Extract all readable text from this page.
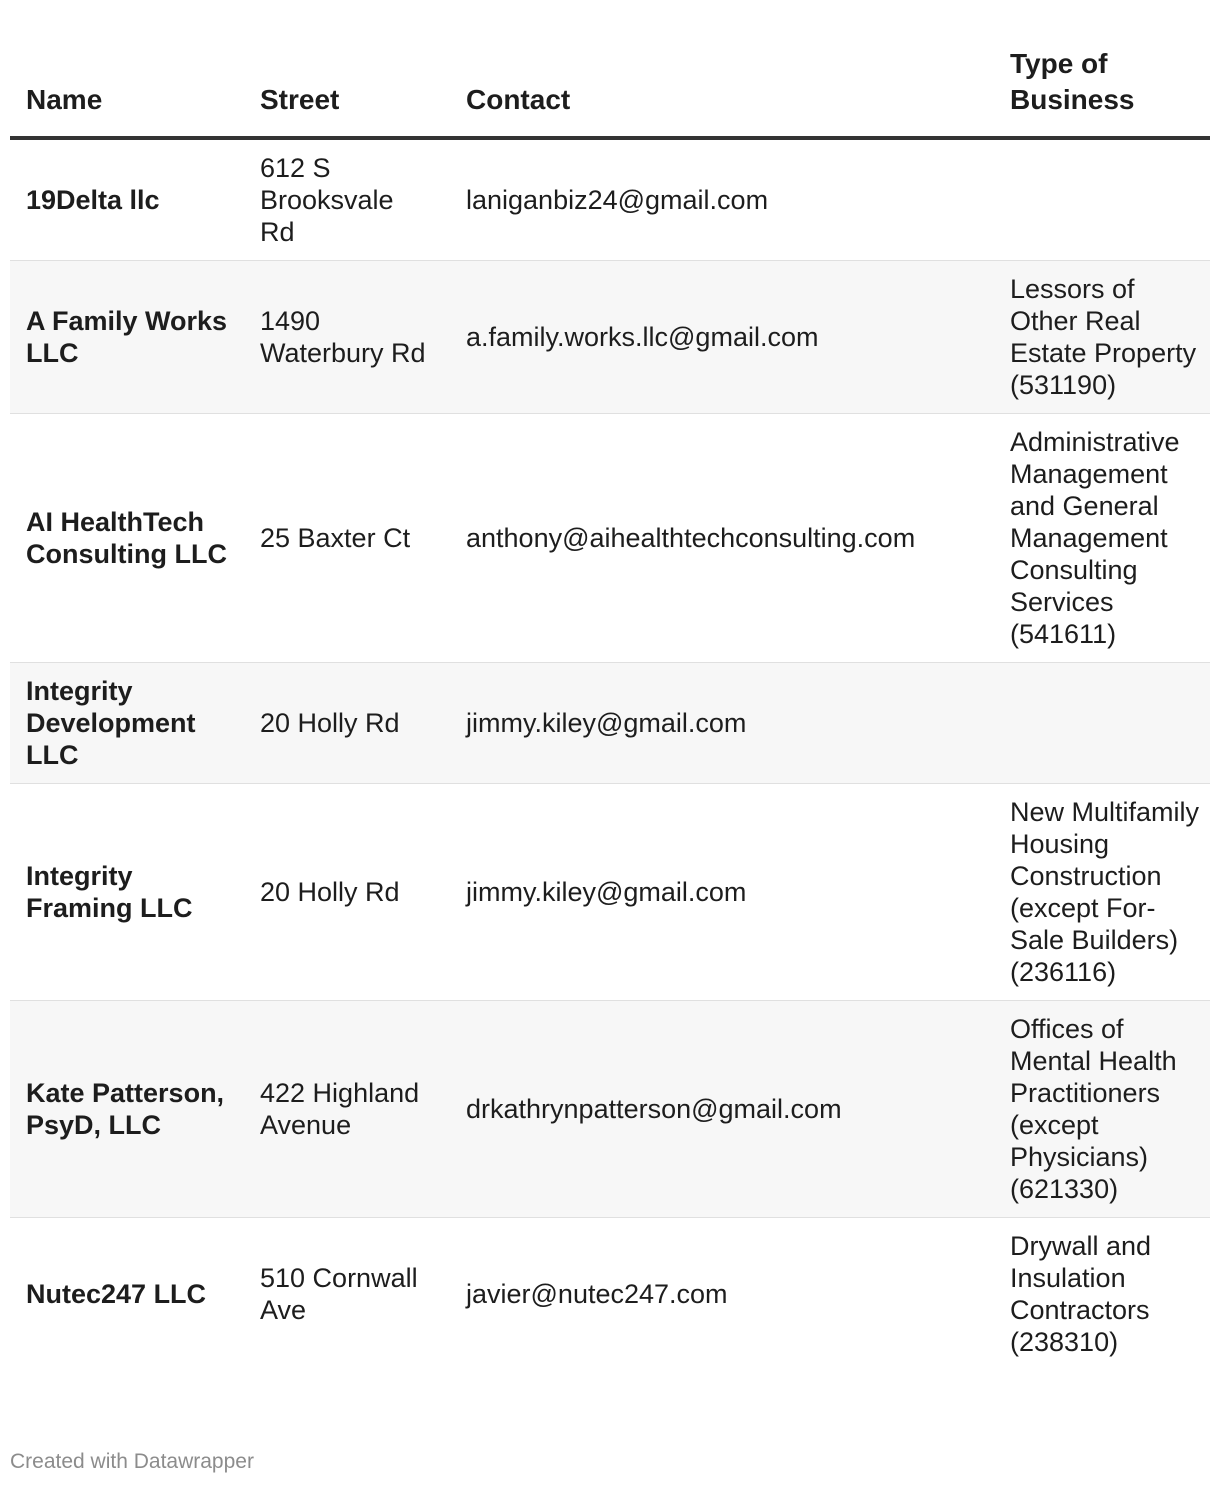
Name	Street	Contact	Type of Business
19Delta llc	612 S Brooksvale Rd	laniganbiz24@gmail.com	
A Family Works LLC	1490 Waterbury Rd	a.family.works.llc@gmail.com	Lessors of Other Real Estate Property (531190)
AI HealthTech Consulting LLC	25 Baxter Ct	anthony@aihealthtechconsulting.com	Administrative Management and General Management Consulting Services (541611)
Integrity Development LLC	20 Holly Rd	jimmy.kiley@gmail.com	
Integrity Framing LLC	20 Holly Rd	jimmy.kiley@gmail.com	New Multifamily Housing Construction (except For-Sale Builders) (236116)
Kate Patterson, PsyD, LLC	422 Highland Avenue	drkathrynpatterson@gmail.com	Offices of Mental Health Practitioners (except Physicians) (621330)
Nutec247 LLC	510 Cornwall Ave	javier@nutec247.com	Drywall and Insulation Contractors (238310)
Created with Datawrapper
